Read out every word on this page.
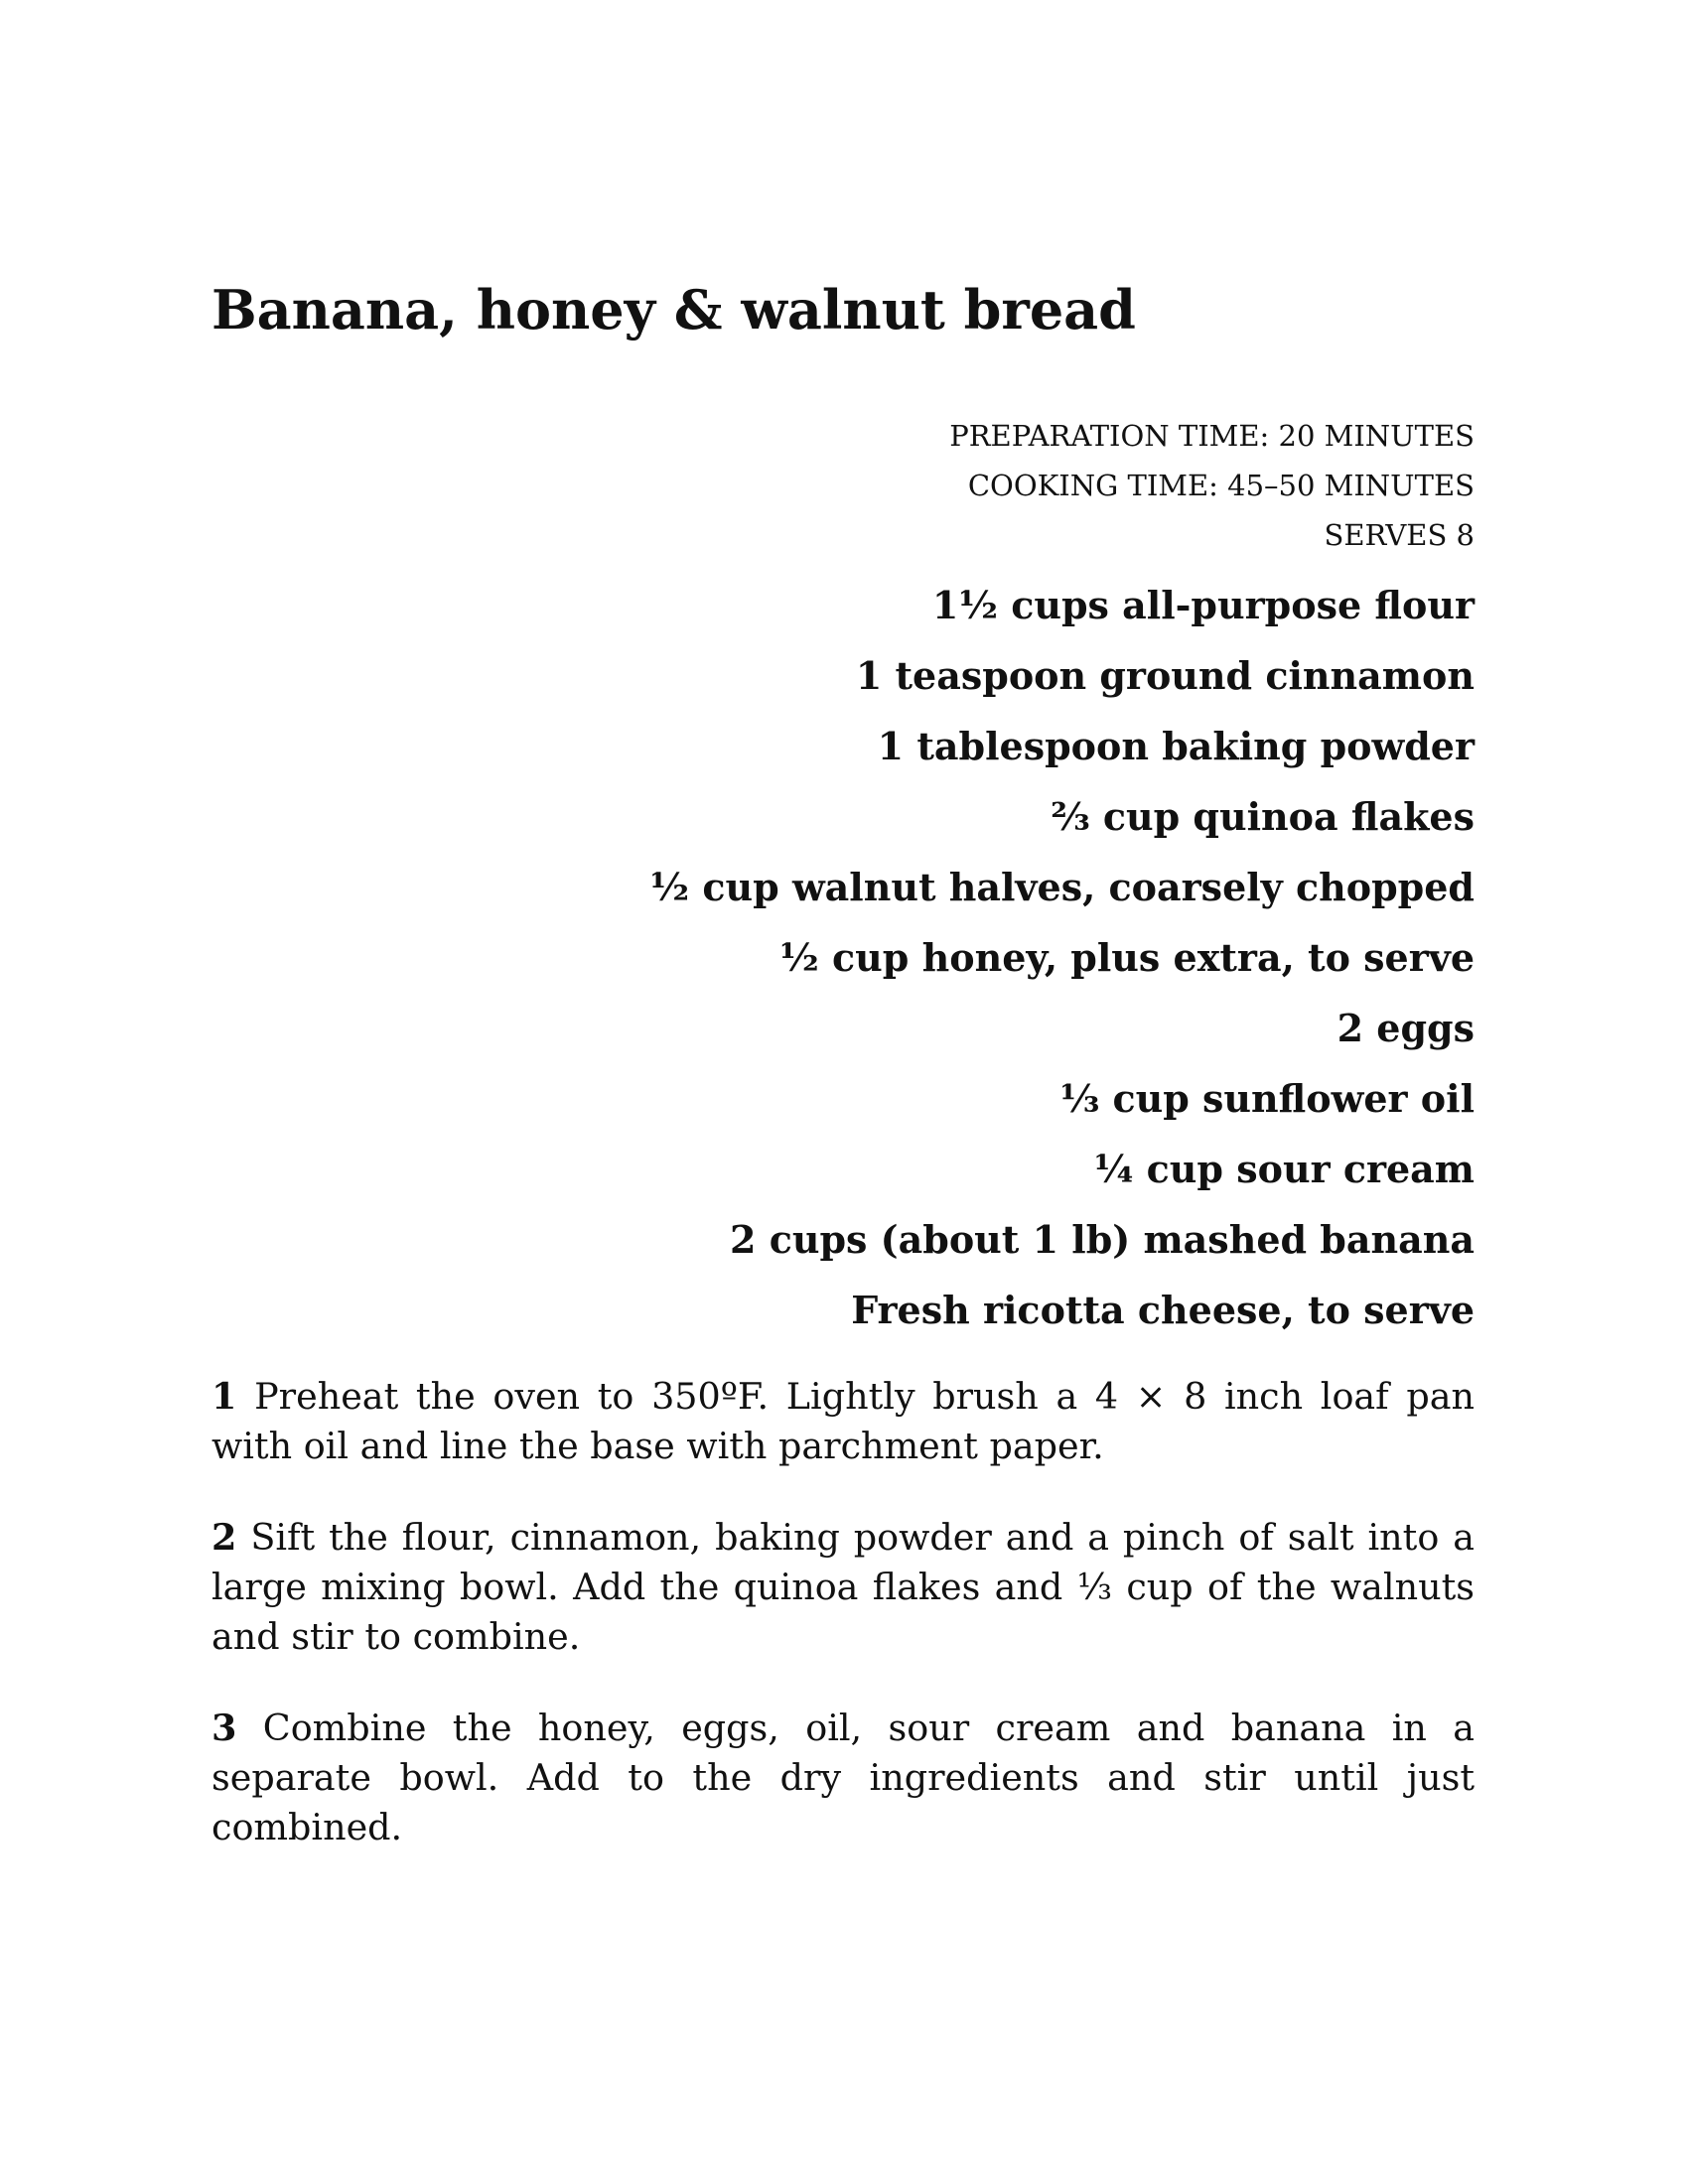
Banana, honey & walnut bread
PREPARATION TIME: 20 MINUTES
COOKING TIME: 45–50 MINUTES
SERVES 8
1½ cups all-purpose flour
1 teaspoon ground cinnamon
1 tablespoon baking powder
⅔ cup quinoa flakes
½ cup walnut halves, coarsely chopped
½ cup honey, plus extra, to serve
2 eggs
⅓ cup sunflower oil
¼ cup sour cream
2 cups (about 1 lb) mashed banana
Fresh ricotta cheese, to serve

1 Preheat the oven to 350ºF. Lightly brush a 4 × 8 inch loaf pan with oil and line the base with parchment paper.

2 Sift the flour, cinnamon, baking powder and a pinch of salt into a large mixing bowl. Add the quinoa flakes and ⅓ cup of the walnuts and stir to combine.

3 Combine the honey, eggs, oil, sour cream and banana in a separate bowl. Add to the dry ingredients and stir until just combined.
